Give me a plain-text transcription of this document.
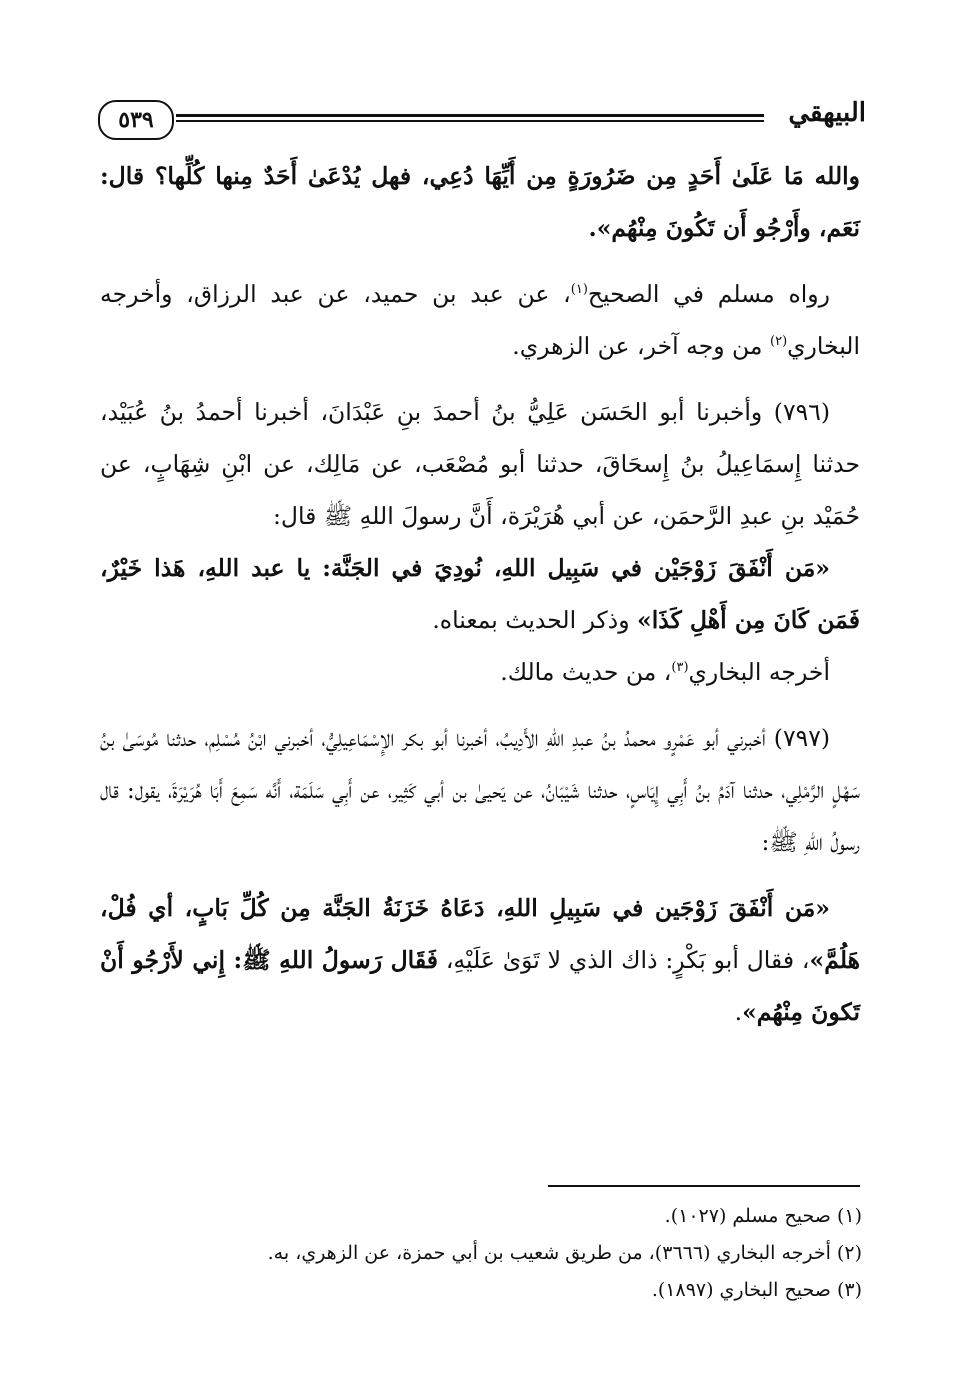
٥٣٩	البيهقي

والله مَا عَلَىٰ أَحَدٍ مِن ضَرُورَةٍ مِن أَيِّهَا دُعِي، فهل يُدْعَىٰ أَحَدٌ مِنها كُلِّها؟ قال: نَعَم، وأَرْجُو أَن تَكُونَ مِنْهُم».

رواه مسلم في الصحيح$^{(١)}$، عن عبد بن حميد، عن عبد الرزاق، وأخرجه البخاري$^{(٢)}$ من وجه آخر، عن الزهري.

(٧٩٦) وأخبرنا أبو الحَسَن عَلِيُّ بنُ أحمدَ بنِ عَبْدَانَ، أخبرنا أحمدُ بنُ عُبَيْد، حدثنا إِسمَاعِيلُ بنُ إِسحَاقَ، حدثنا أبو مُصْعَب، عن مَالِك، عن ابْنِ شِهَابٍ، عن حُمَيْد بنِ عبدِ الرَّحمَن، عن أبي هُرَيْرَة، أَنَّ رسولَ اللهِ ﷺ قال:

«مَن أَنْفَقَ زَوْجَيْن في سَبِيل اللهِ، نُودِيَ في الجَنَّة: يا عبد اللهِ، هَذا خَيْرٌ، فَمَن كَانَ مِن أَهْلِ كَذَا» وذكر الحديث بمعناه.

أخرجه البخاري$^{(٣)}$، من حديث مالك.

(٧٩٧) أخبرني أبو عَمْرٍو محمدُ بنُ عبدِ اللهِ الأَدِيبُ، أخبرنا أبو بكر الإِسْمَاعِيلِيُّ، أخبرني ابْنُ مُسْلِم، حدثنا مُوسَىٰ بنُ سَهْلٍ الرَّمْلِي، حدثنا آدَمُ بنُ أَبِي إِيَاسٍ، حدثنا شَيْبَانُ، عن يَحيىٰ بن أبي كَثِير، عن أَبِي سَلَمَة، أَنَّه سَمِعَ أَبَا هُرَيْرَةَ، يقول: قال رسولُ اللهِ ﷺ:

«مَن أَنْفَقَ زَوْجَين في سَبِيلِ اللهِ، دَعَاهُ خَزَنَةُ الجَنَّة مِن كُلِّ بَابٍ، أي فُلْ، هَلُمَّ»، فقال أبو بَكْرٍ: ذاك الذي لا تَوَىٰ عَلَيْهِ، فَقَال رَسولُ اللهِ ﷺ: إِني لأَرْجُو أَنْ تَكونَ مِنْهُم».

(١) صحيح مسلم (١٠٢٧).
(٢) أخرجه البخاري (٣٦٦٦)، من طريق شعيب بن أبي حمزة، عن الزهري، به.
(٣) صحيح البخاري (١٨٩٧).
